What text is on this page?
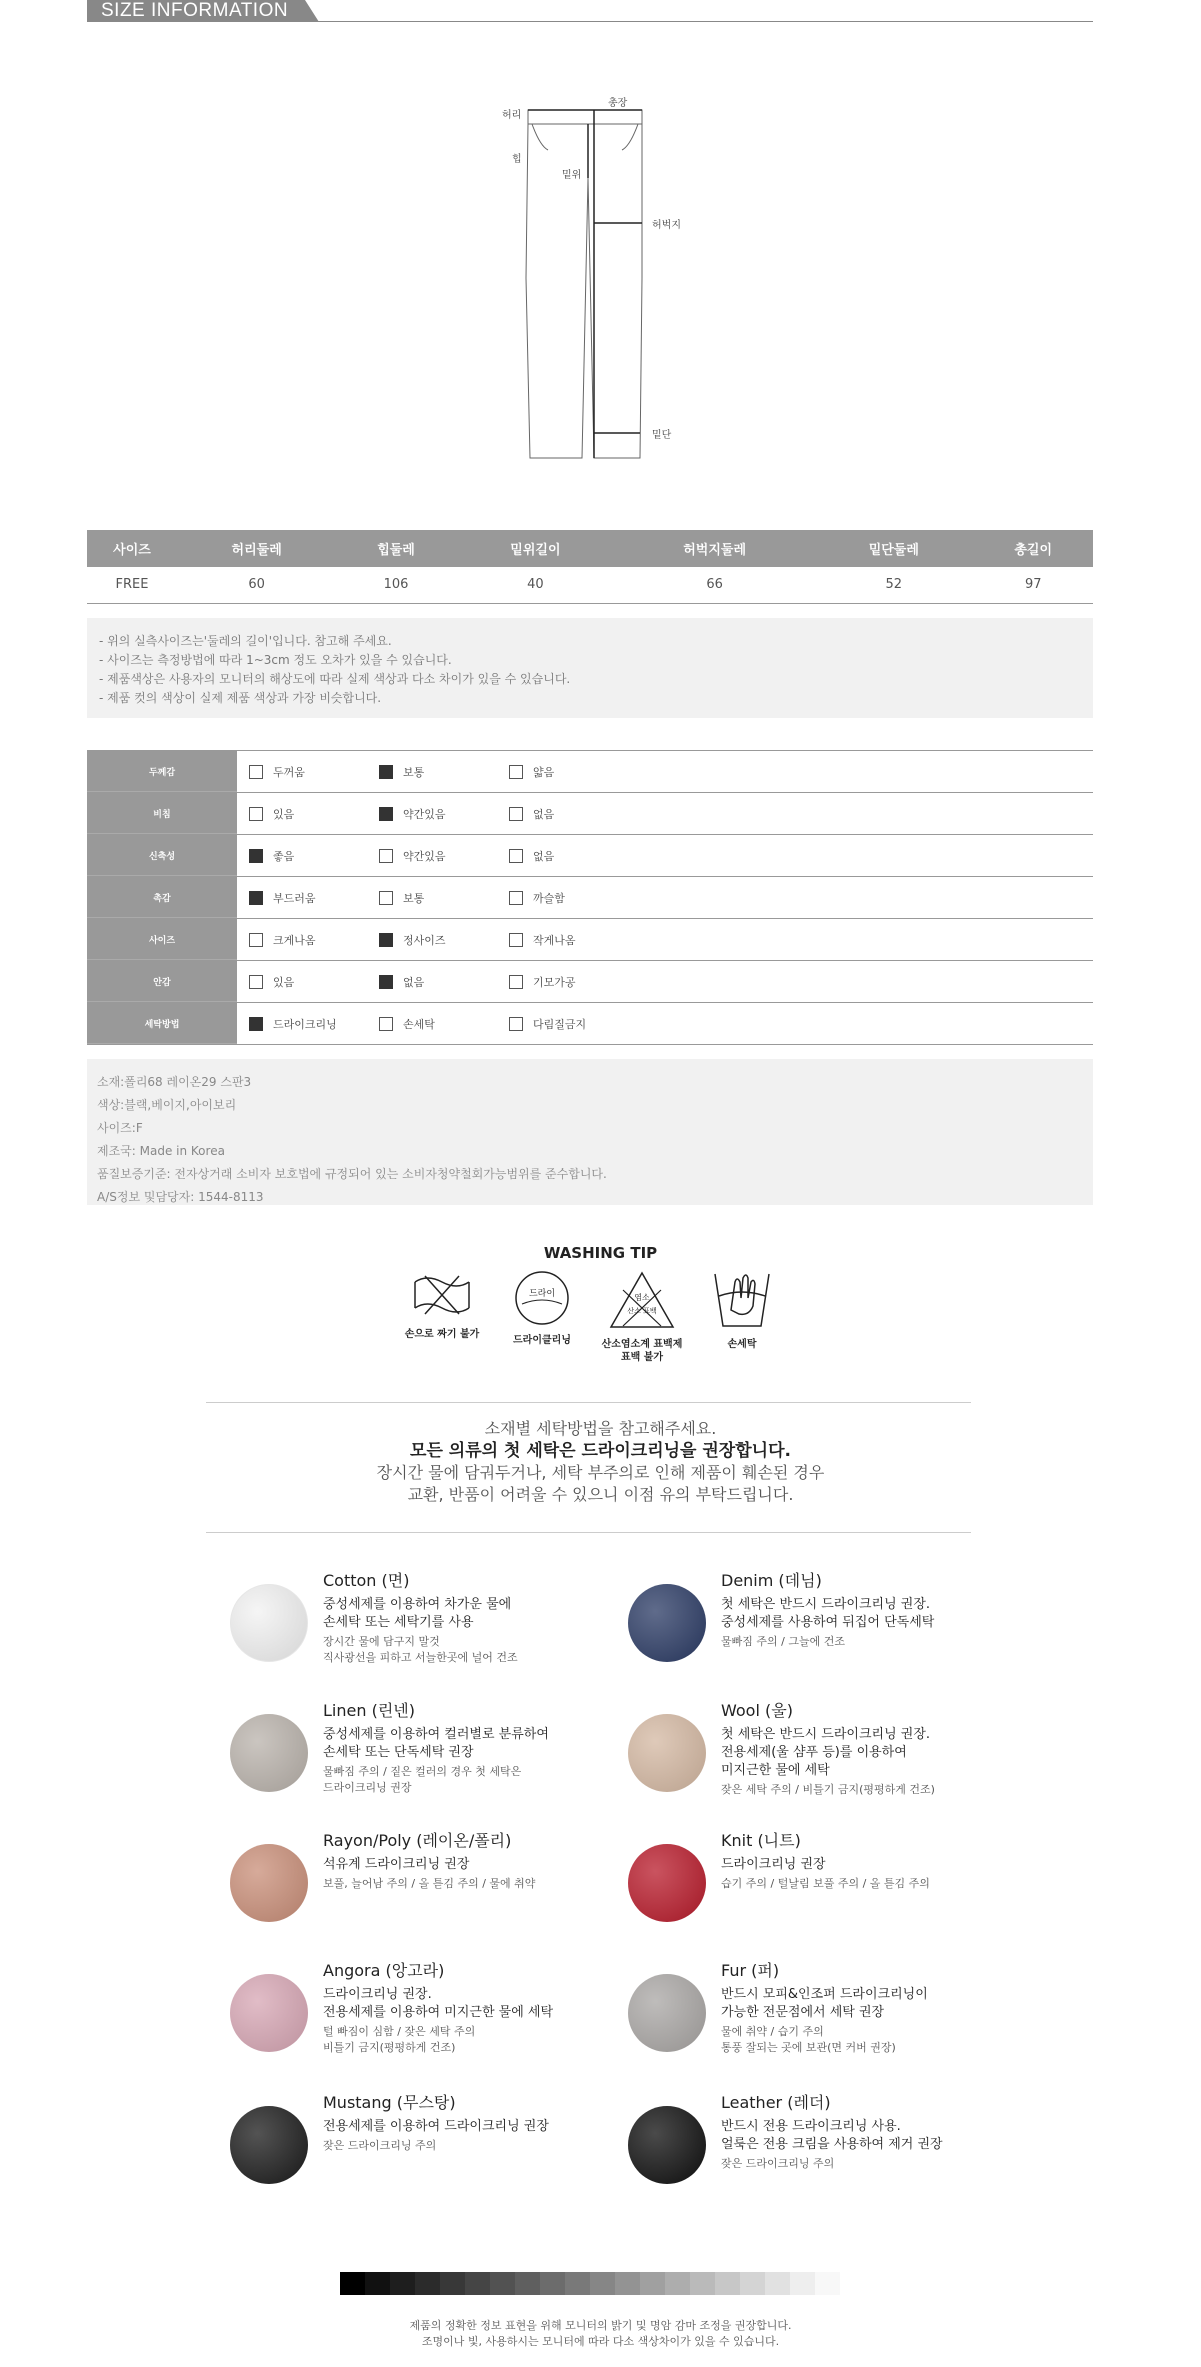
SIZE INFORMATION
허리
총장
힙
밑위
허벅지
밑단
사이즈	허리둘레	힙둘레	밑위길이	허벅지둘레	밑단둘레	총길이
FREE	60	106	40	66	52	97
- 위의 실측사이즈는'둘레의 길이'입니다. 참고해 주세요.
- 사이즈는 측정방법에 따라 1~3cm 정도 오차가 있을 수 있습니다.
- 제품색상은 사용자의 모니터의 해상도에 따라 실제 색상과 다소 차이가 있을 수 있습니다.
- 제품 컷의 색상이 실제 제품 색상과 가장 비슷합니다.
두께감	두꺼움	보통	얇음
비침	있음	약간있음	없음
신축성	좋음	약간있음	없음
촉감	부드러움	보통	까슬함
사이즈	크게나옴	정사이즈	작게나옴
안감	있음	없음	기모가공
세탁방법	드라이크리닝	손세탁	다림질금지
소재:폴리68 레이온29 스판3
색상:블랙,베이지,아이보리
사이즈:F
제조국: Made in Korea
품질보증기준: 전자상거래 소비자 보호법에 규정되어 있는 소비자청약철회가능범위를 준수합니다.
A/S정보 및담당자: 1544-8113
WASHING TIP
손으로 짜기 불가
드라이
드라이클리닝
염소
산소 표백
산소염소계 표백제
표백 불가
손세탁
소재별 세탁방법을 참고해주세요.
모든 의류의 첫 세탁은 드라이크리닝을 권장합니다.
장시간 물에 담궈두거나, 세탁 부주의로 인해 제품이 훼손된 경우
교환, 반품이 어려울 수 있으니 이점 유의 부탁드립니다.
Cotton (면)
중성세제를 이용하여 차가운 물에
손세탁 또는 세탁기를 사용
장시간 물에 담구지 말것
직사광선을 피하고 서늘한곳에 널어 건조
Denim (데님)
첫 세탁은 반드시 드라이크리닝 권장.
중성세제를 사용하여 뒤집어 단독세탁
물빠짐 주의 / 그늘에 건조
Linen (린넨)
중성세제를 이용하여 컬러별로 분류하여
손세탁 또는 단독세탁 권장
물빠짐 주의 / 짙은 컬러의 경우 첫 세탁은
드라이크리닝 권장
Wool (울)
첫 세탁은 반드시 드라이크리닝 권장.
전용세제(울 샴푸 등)를 이용하여
미지근한 물에 세탁
잦은 세탁 주의 / 비틀기 금지(평평하게 건조)
Rayon/Poly (레이온/폴리)
석유계 드라이크리닝 권장
보풀, 늘어남 주의 / 올 튿김 주의 / 물에 취약
Knit (니트)
드라이크리닝 권장
습기 주의 / 털날림 보풀 주의 / 올 튿김 주의
Angora (앙고라)
드라이크리닝 권장.
전용세제를 이용하여 미지근한 물에 세탁
털 빠짐이 심함 / 잦은 세탁 주의
비틀기 금지(평평하게 건조)
Fur (퍼)
반드시 모피&인조퍼 드라이크리닝이
가능한 전문점에서 세탁 권장
물에 취약 / 습기 주의
통풍 잘되는 곳에 보관(면 커버 권장)
Mustang (무스탕)
전용세제를 이용하여 드라이크리닝 권장
잦은 드라이크리닝 주의
Leather (레더)
반드시 전용 드라이크리닝 사용.
얼룩은 전용 크림을 사용하여 제거 권장
잦은 드라이크리닝 주의
제품의 정확한 정보 표현을 위해 모니터의 밝기 및 명암 감마 조정을 권장합니다.
조명이나 빛, 사용하시는 모니터에 따라 다소 색상차이가 있을 수 있습니다.
